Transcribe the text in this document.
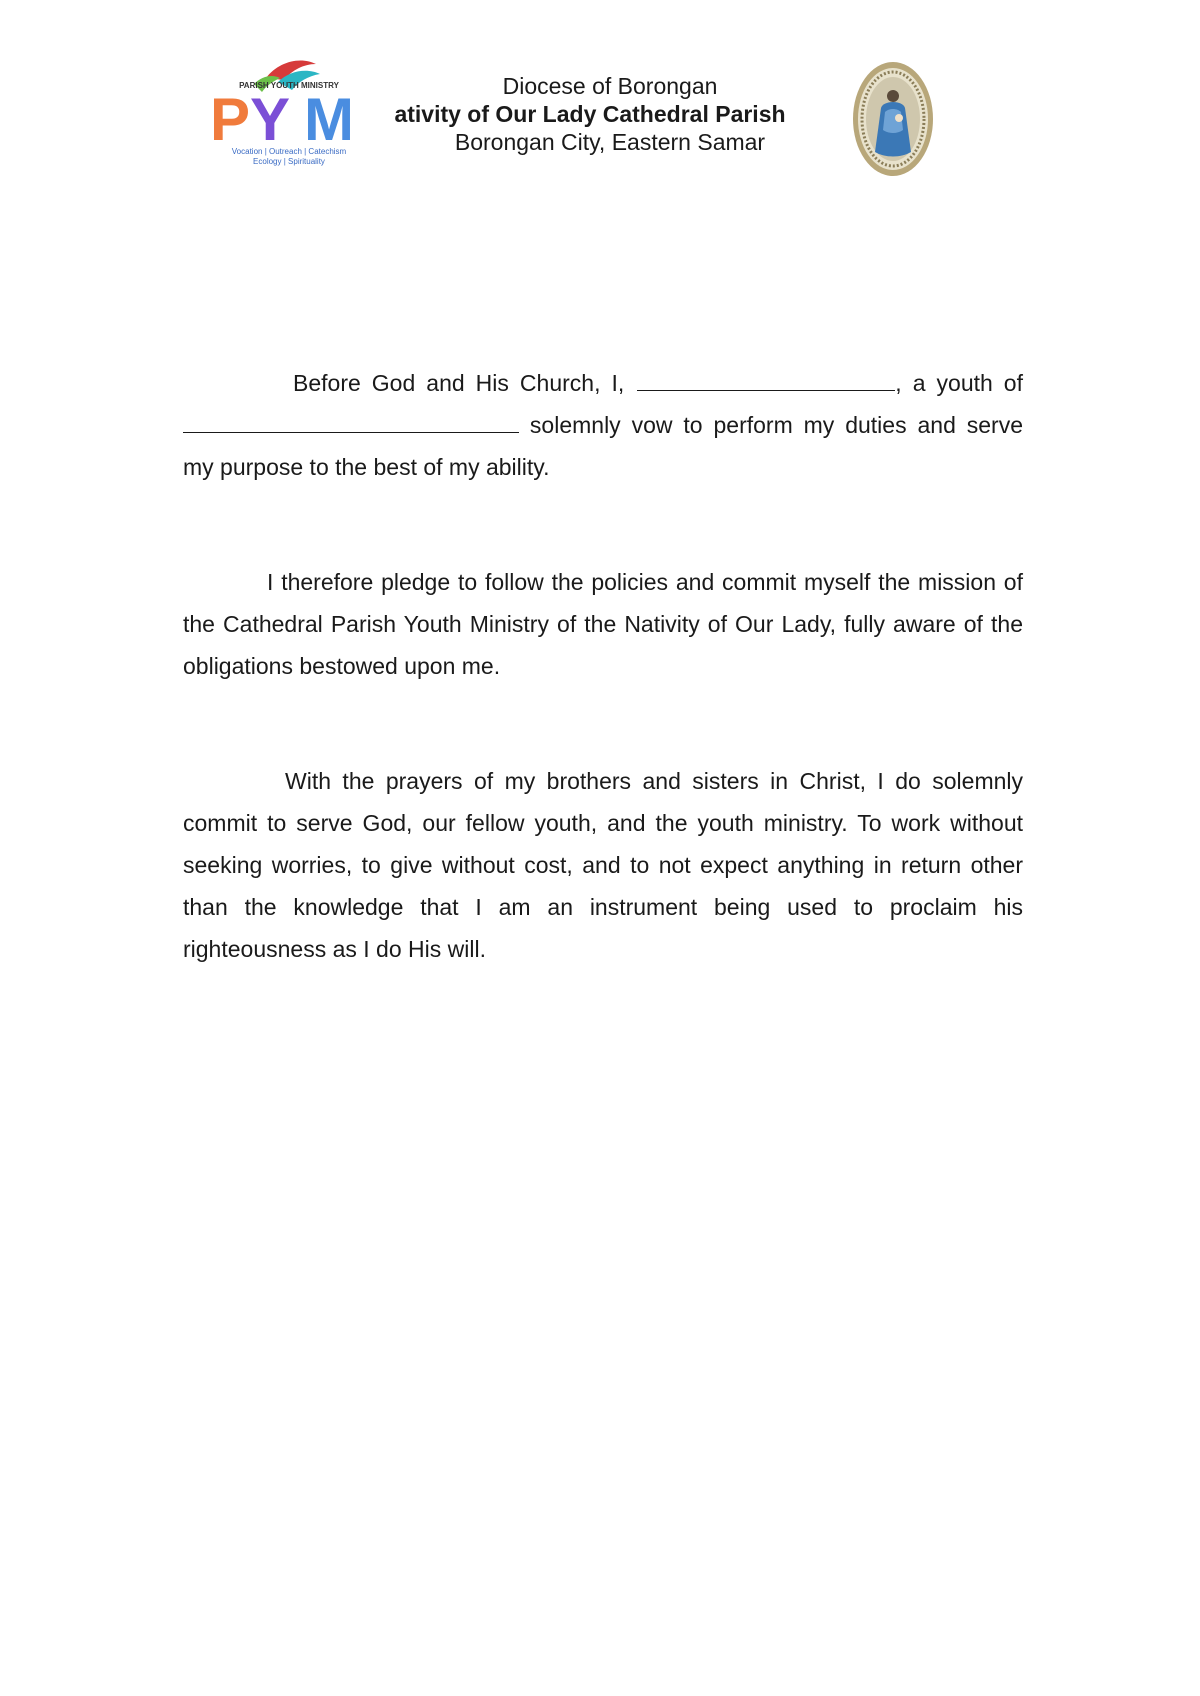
PARISH YOUTH MINISTRY
P Y M
Vocation | Outreach | Catechism
Ecology | Spirituality
Diocese of Borongan
ativity of Our Lady Cathedral Parish
Borongan City, Eastern Samar

Before God and His Church, I,	, a youth of  solemnly vow to perform my duties and serve my purpose to the best of my ability.

I therefore pledge to follow the policies and commit myself the mission of the Cathedral Parish Youth Ministry of the Nativity of Our Lady, fully aware of the obligations bestowed upon me.

With the prayers of my brothers and sisters in Christ, I do solemnly commit to serve God, our fellow youth, and the youth ministry. To work without seeking worries, to give without cost, and to not expect anything in return other than the knowledge that I am an instrument being used to proclaim his righteousness as I do His will.
